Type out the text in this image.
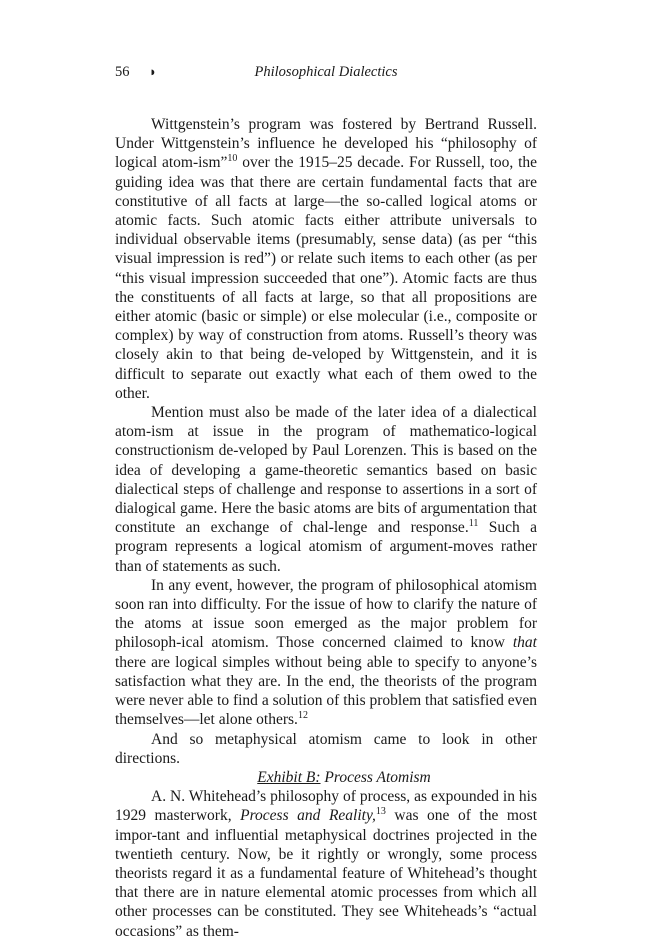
56 ◗	Philosophical Dialectics

Wittgenstein’s program was fostered by Bertrand Russell. Under Wittgenstein’s influence he developed his “philosophy of logical atom-ism”$^{10}$ over the 1915–25 decade. For Russell, too, the guiding idea was that there are certain fundamental facts that are constitutive of all facts at large—the so-called logical atoms or atomic facts. Such atomic facts either attribute universals to individual observable items (presumably, sense data) (as per “this visual impression is red”) or relate such items to each other (as per “this visual impression succeeded that one”). Atomic facts are thus the constituents of all facts at large, so that all propositions are either atomic (basic or simple) or else molecular (i.e., composite or complex) by way of construction from atoms. Russell’s theory was closely akin to that being de-veloped by Wittgenstein, and it is difficult to separate out exactly what each of them owed to the other.

Mention must also be made of the later idea of a dialectical atom-ism at issue in the program of mathematico-logical constructionism de-veloped by Paul Lorenzen. This is based on the idea of developing a game-theoretic semantics based on basic dialectical steps of challenge and response to assertions in a sort of dialogical game. Here the basic atoms are bits of argumentation that constitute an exchange of chal-lenge and response.$^{11}$ Such a program represents a logical atomism of argument-moves rather than of statements as such.

In any event, however, the program of philosophical atomism soon ran into difficulty. For the issue of how to clarify the nature of the atoms at issue soon emerged as the major problem for philosoph-ical atomism. Those concerned claimed to know that there are logical simples without being able to specify to anyone’s satisfaction what they are. In the end, the theorists of the program were never able to find a solution of this problem that satisfied even themselves—let alone others.$^{12}$

And so metaphysical atomism came to look in other directions.

Exhibit B: Process Atomism

A. N. Whitehead’s philosophy of process, as expounded in his 1929 masterwork, Process and Reality,$^{13}$ was one of the most impor-tant and influential metaphysical doctrines projected in the twentieth century. Now, be it rightly or wrongly, some process theorists regard it as a fundamental feature of Whitehead’s thought that there are in nature elemental atomic processes from which all other processes can be constituted. They see Whiteheads’s “actual occasions” as them-
